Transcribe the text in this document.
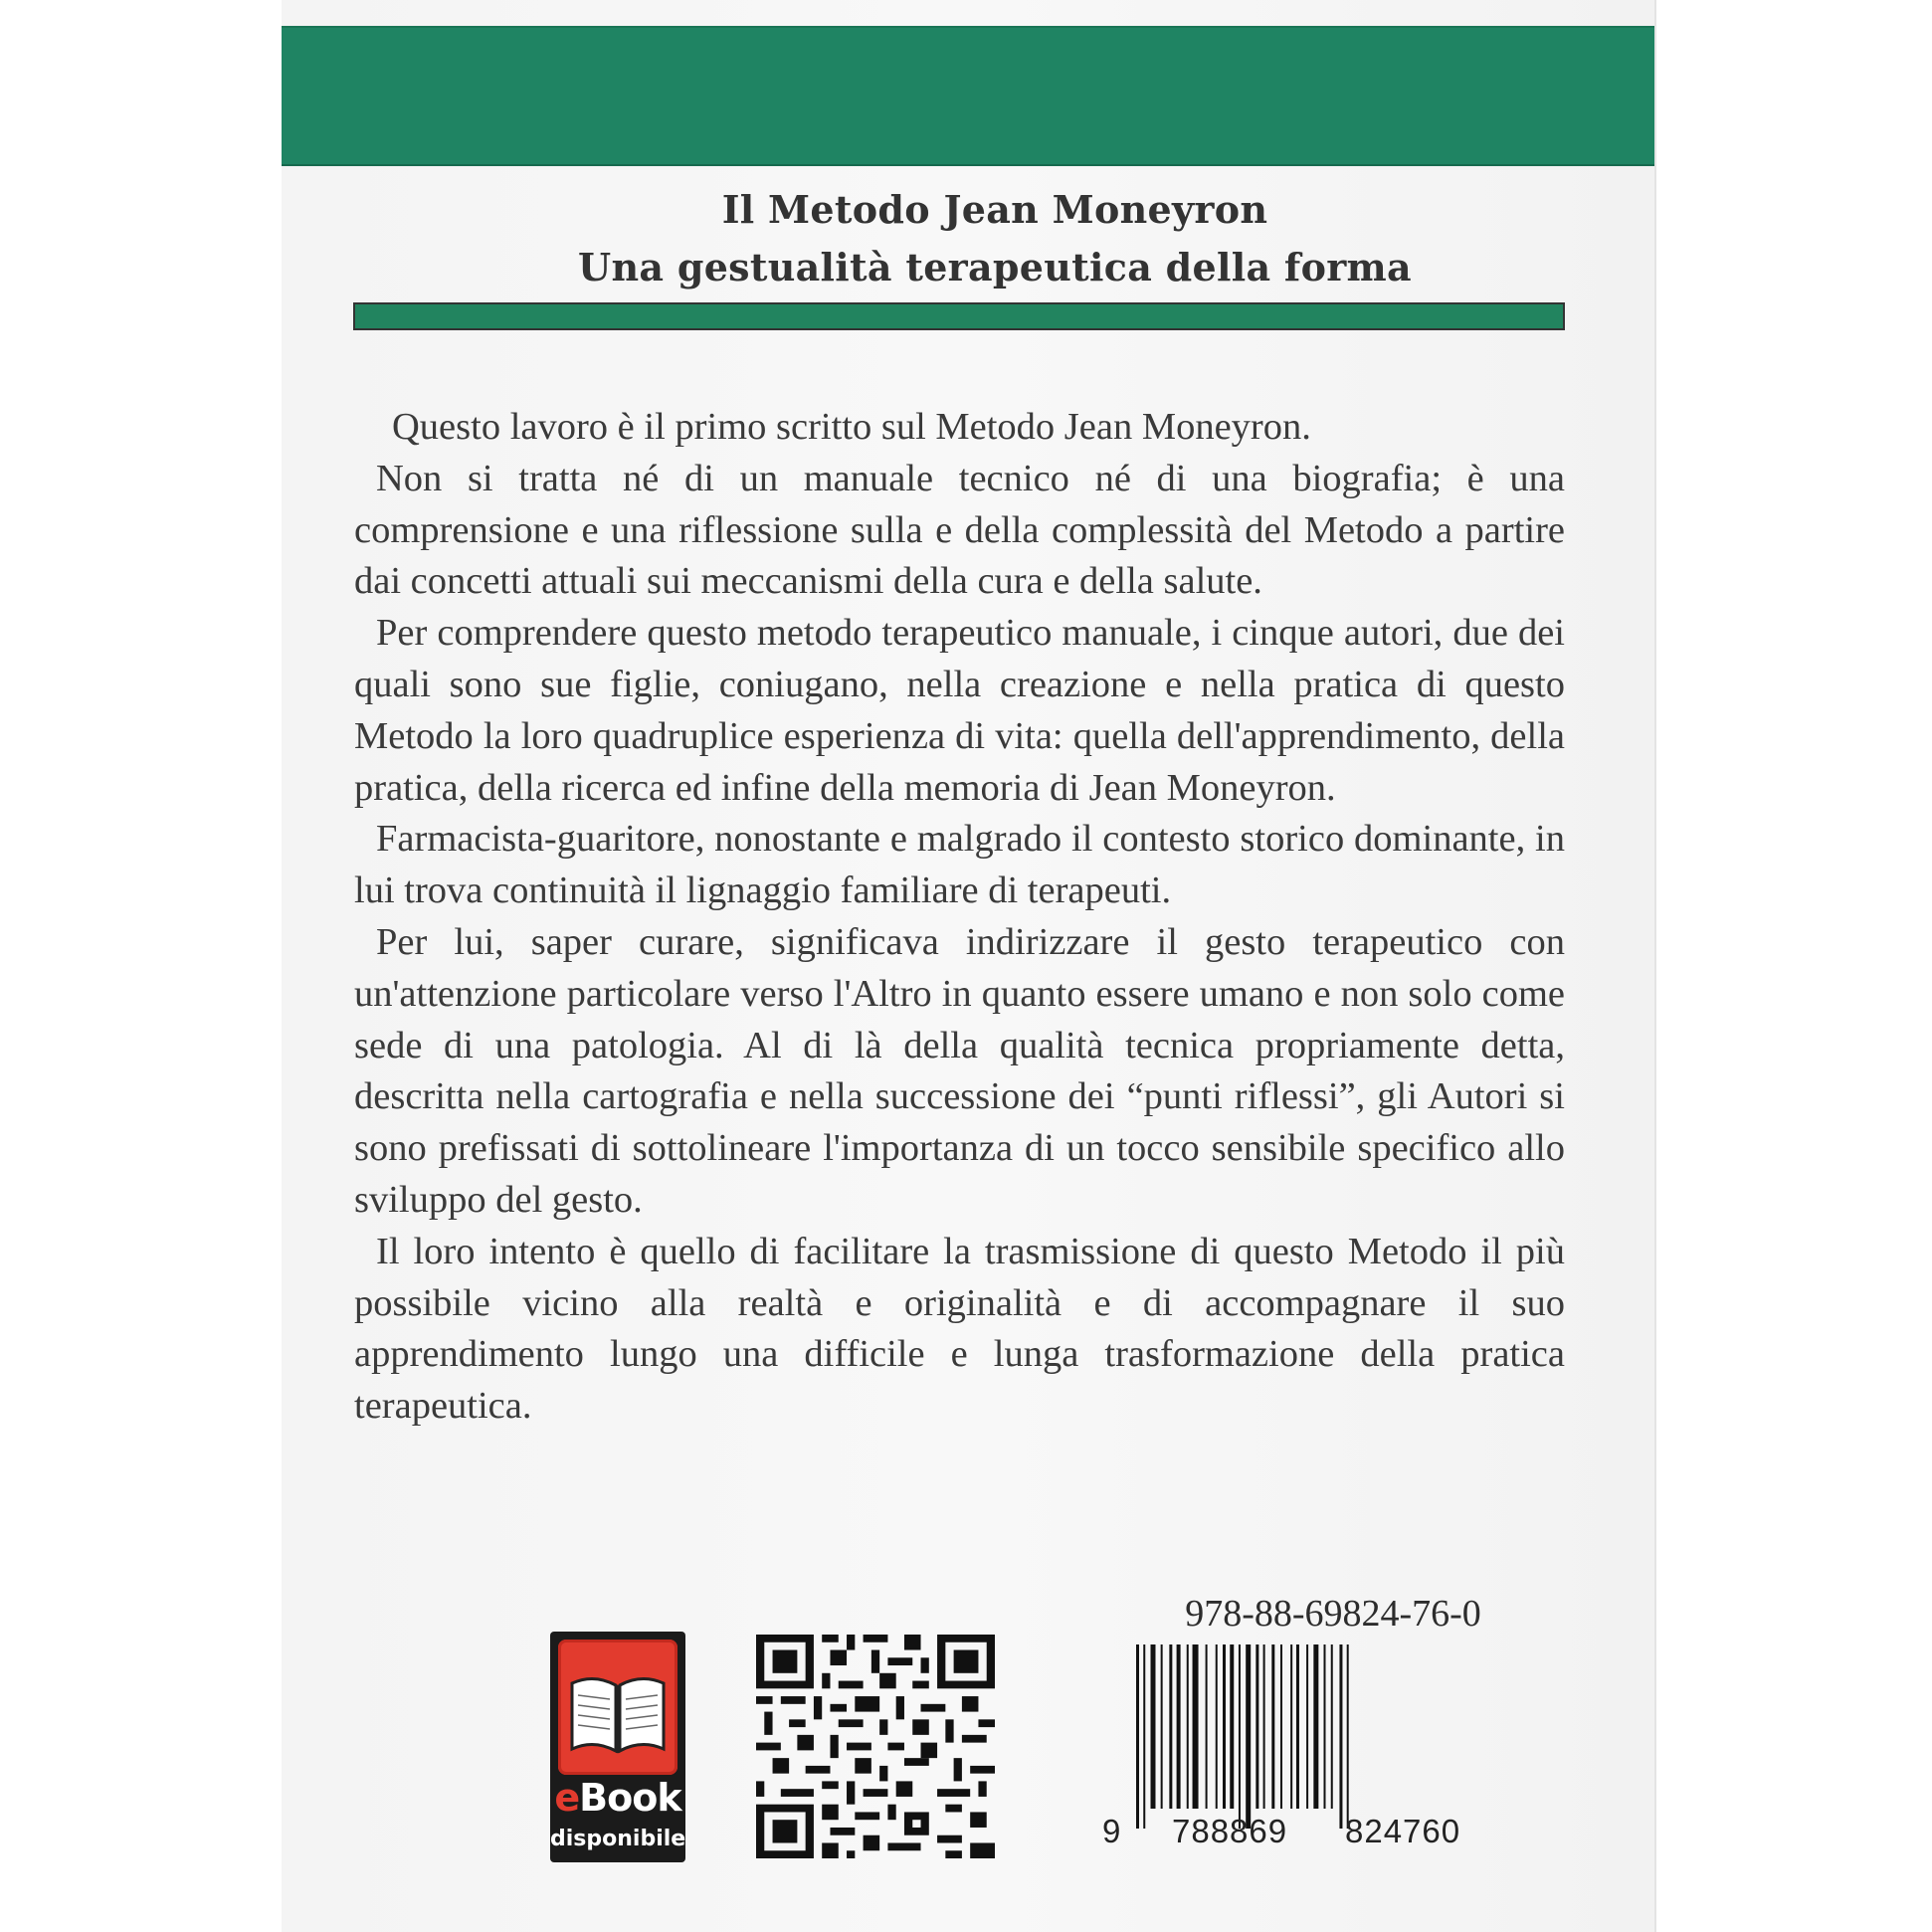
Il Metodo Jean Moneyron
Una gestualità terapeutica della forma

Questo lavoro è il primo scritto sul Metodo Jean Moneyron.

Non si tratta né di un manuale tecnico né di una biografia; è una comprensione e una riflessione sulla e della complessità del Metodo a partire dai concetti attuali sui meccanismi della cura e della salute.

Per comprendere questo metodo terapeutico manuale, i cinque autori, due dei quali sono sue figlie, coniugano, nella creazione e nella pratica di questo Metodo la loro quadruplice esperienza di vita: quella dell'apprendimento, della pratica, della ricerca ed infine della memoria di Jean Moneyron.

Farmacista-guaritore, nonostante e malgrado il contesto storico dominante, in lui trova continuità il lignaggio familiare di terapeuti.

Per lui, saper curare, significava indirizzare il gesto terapeutico con un'attenzione particolare verso l'Altro in quanto essere umano e non solo come sede di una patologia. Al di là della qualità tecnica propriamente detta, descritta nella cartografia e nella successione dei “punti riflessi”, gli Autori si sono prefissati di sottolineare l'importanza di un tocco sensibile specifico allo sviluppo del gesto.

Il loro intento è quello di facilitare la trasmissione di questo Metodo il più possibile vicino alla realtà e originalità e di accompagnare il suo apprendimento lungo una difficile e lunga trasformazione della pratica terapeutica.

eBook
disponibile
978-88-69824-76-0
9 788869 824760
